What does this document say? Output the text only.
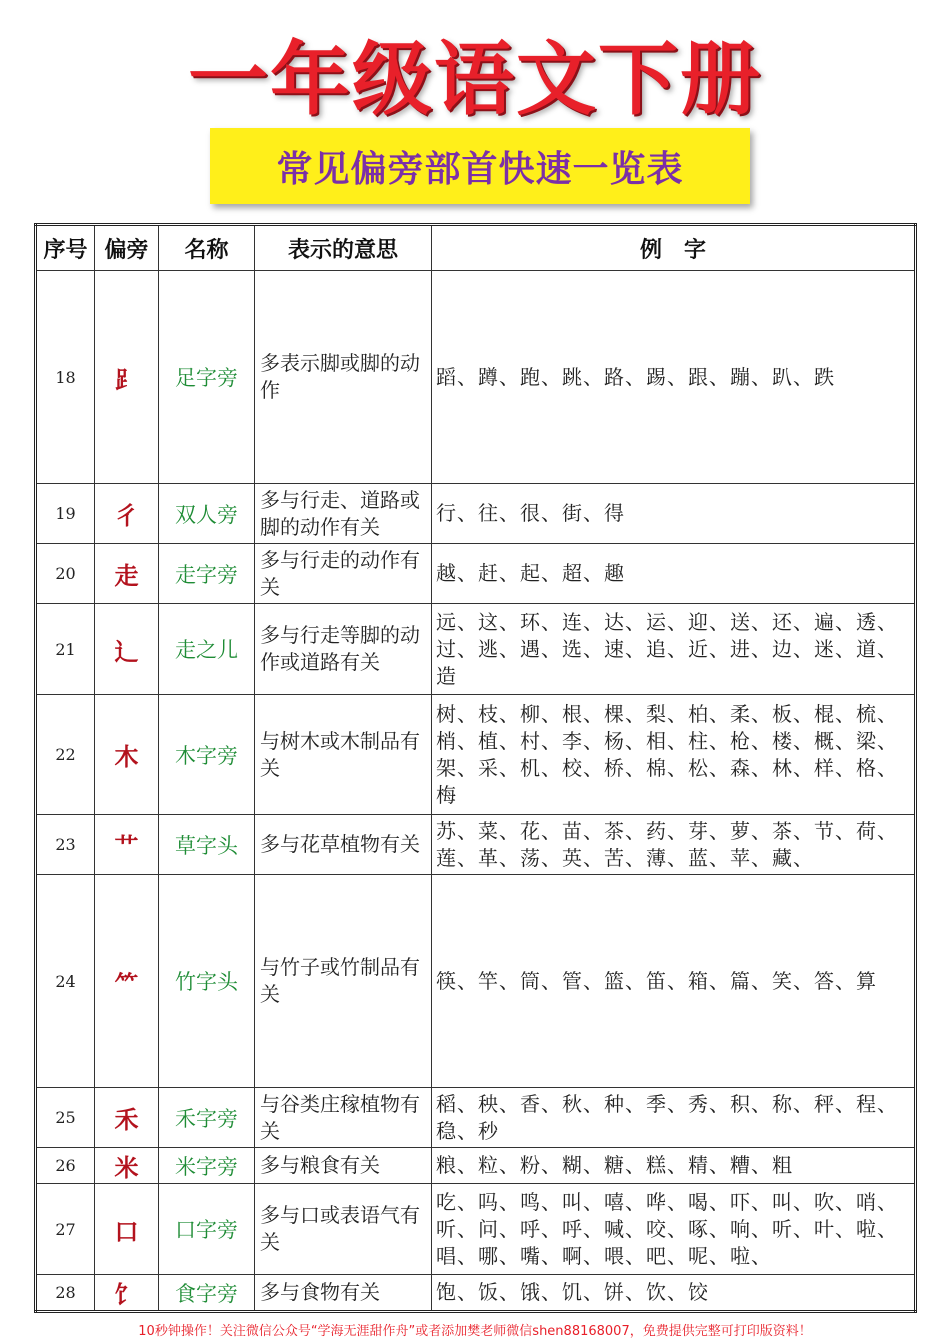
一年级语文下册
常见偏旁部首快速一览表
序号	偏旁	名称	表示的意思	例　字
18	⻊	足字旁	多表示脚或脚的动作	蹈、蹲、跑、跳、路、踢、跟、蹦、趴、跌
19	彳	双人旁	多与行走、道路或脚的动作有关	行、往、很、街、得
20	走	走字旁	多与行走的动作有关	越、赶、起、超、趣
21	辶	走之儿	多与行走等脚的动作或道路有关	远、这、环、连、达、运、迎、送、还、遍、透、过、逃、遇、选、速、追、近、进、边、迷、道、造
22	木	木字旁	与树木或木制品有关	树、枝、柳、根、棵、梨、柏、柔、板、棍、梳、梢、植、村、李、杨、相、柱、枪、楼、概、梁、架、采、机、校、桥、棉、松、森、林、样、格、梅
23	艹	草字头	多与花草植物有关	苏、菜、花、苗、茶、药、芽、萝、茶、节、荷、莲、革、荡、英、苦、薄、蓝、苹、藏、
24	⺮	竹字头	与竹子或竹制品有关	筷、竿、筒、管、篮、笛、箱、篇、笑、答、算
25	禾	禾字旁	与谷类庄稼植物有关	稻、秧、香、秋、种、季、秀、积、称、秤、程、稳、秒
26	米	米字旁	多与粮食有关	粮、粒、粉、糊、糖、糕、精、糟、粗
27	口	口字旁	多与口或表语气有关	吃、吗、鸣、叫、嘻、哗、喝、吓、叫、吹、哨、听、问、呼、呼、喊、咬、啄、响、听、叶、啦、唱、哪、嘴、啊、喂、吧、呢、啦、
28	饣	食字旁	多与食物有关	饱、饭、饿、饥、饼、饮、饺
10秒钟操作！关注微信公众号“学海无涯甜作舟”或者添加樊老师微信shen88168007，免费提供完整可打印版资料！
